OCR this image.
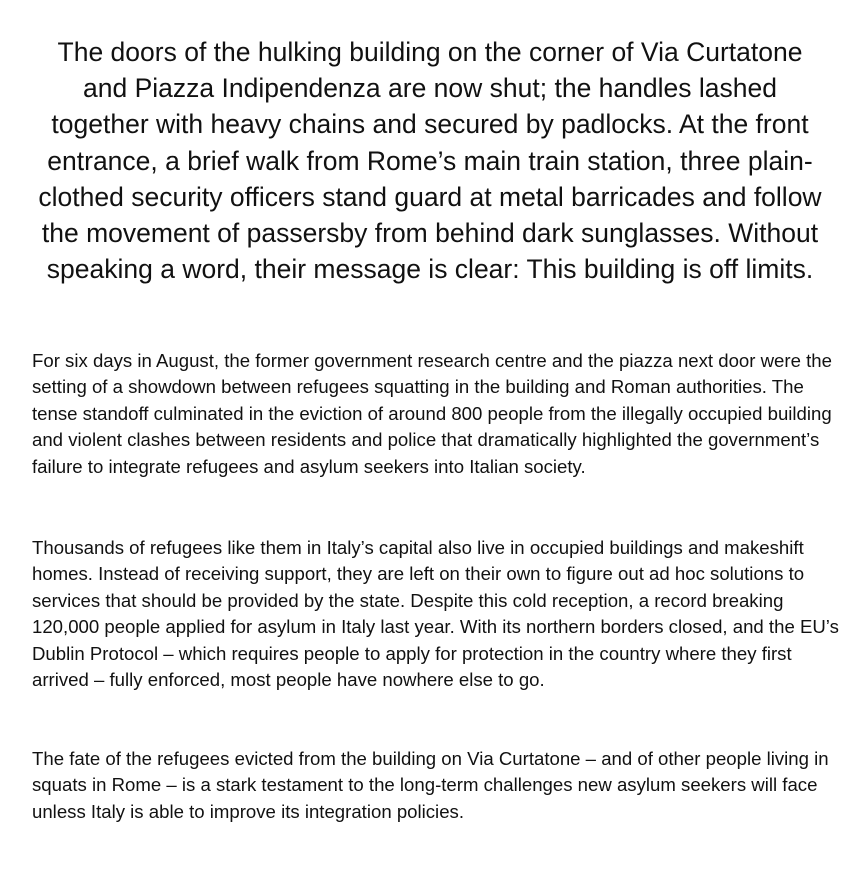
The doors of the hulking building on the corner of Via Curtatone and Piazza Indipendenza are now shut; the handles lashed together with heavy chains and secured by padlocks. At the front entrance, a brief walk from Rome’s main train station, three plain-clothed security officers stand guard at metal barricades and follow the movement of passersby from behind dark sunglasses. Without speaking a word, their message is clear: This building is off limits.

For six days in August, the former government research centre and the piazza next door were the setting of a showdown between refugees squatting in the building and Roman authorities. The tense standoff culminated in the eviction of around 800 people from the illegally occupied building and violent clashes between residents and police that dramatically highlighted the government’s failure to integrate refugees and asylum seekers into Italian society.

Thousands of refugees like them in Italy’s capital also live in occupied buildings and makeshift homes. Instead of receiving support, they are left on their own to figure out ad hoc solutions to services that should be provided by the state. Despite this cold reception, a record breaking 120,000 people applied for asylum in Italy last year. With its northern borders closed, and the EU’s Dublin Protocol – which requires people to apply for protection in the country where they first arrived – fully enforced, most people have nowhere else to go.

The fate of the refugees evicted from the building on Via Curtatone – and of other people living in squats in Rome – is a stark testament to the long-term challenges new asylum seekers will face unless Italy is able to improve its integration policies.
